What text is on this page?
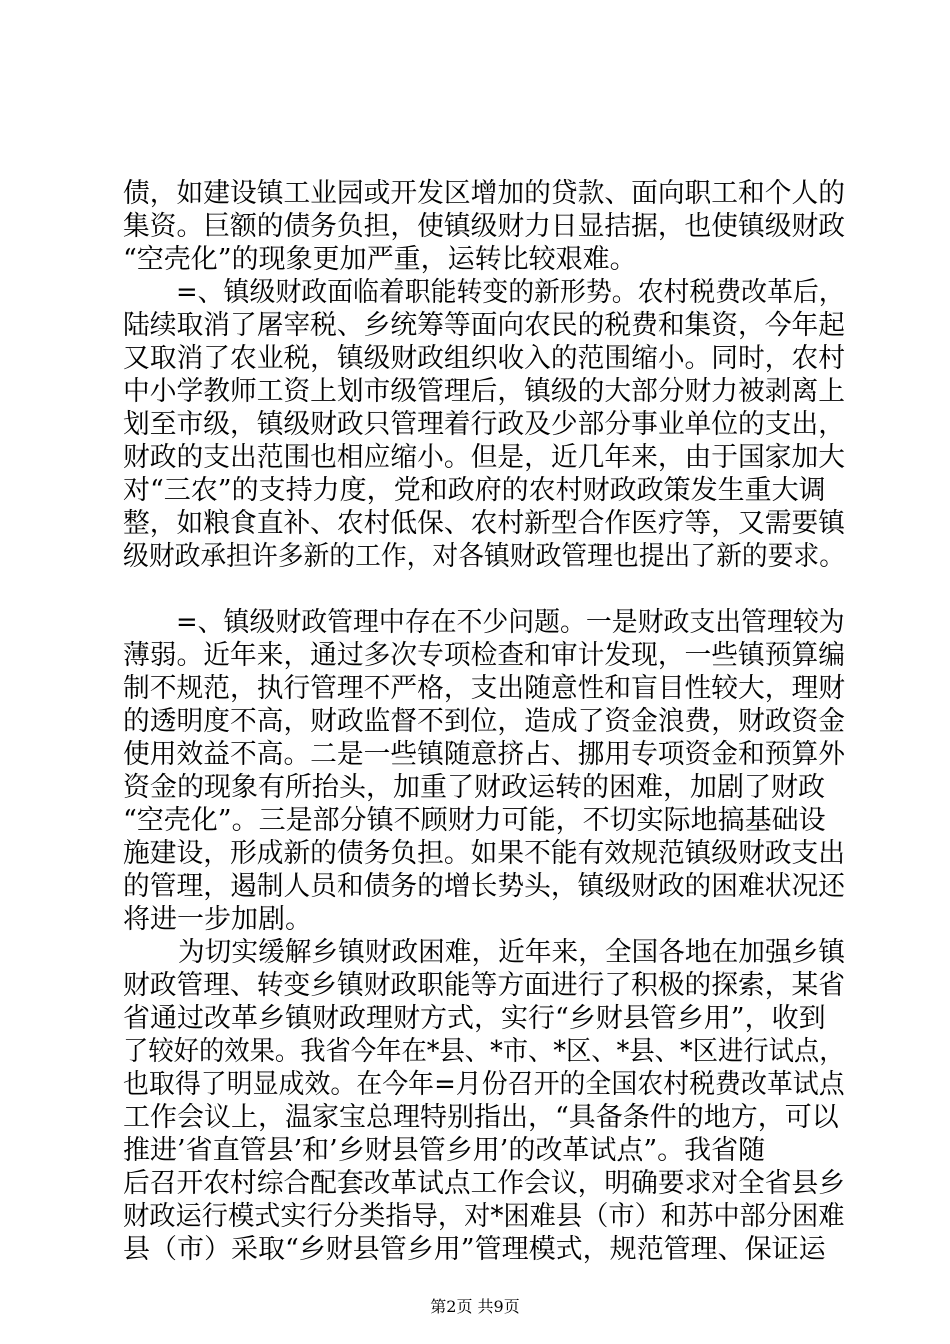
债，如建设镇工业园或开发区增加的贷款、面向职工和个人的
集资。巨额的债务负担，使镇级财力日显拮据，也使镇级财政
“空壳化”的现象更加严重，运转比较艰难。
=、镇级财政面临着职能转变的新形势。农村税费改革后，
陆续取消了屠宰税、乡统筹等面向农民的税费和集资，今年起
又取消了农业税，镇级财政组织收入的范围缩小。同时，农村
中小学教师工资上划市级管理后，镇级的大部分财力被剥离上
划至市级，镇级财政只管理着行政及少部分事业单位的支出，
财政的支出范围也相应缩小。但是，近几年来，由于国家加大
对“三农”的支持力度，党和政府的农村财政政策发生重大调
整，如粮食直补、农村低保、农村新型合作医疗等，又需要镇
级财政承担许多新的工作，对各镇财政管理也提出了新的要求。
=、镇级财政管理中存在不少问题。一是财政支出管理较为
薄弱。近年来，通过多次专项检查和审计发现，一些镇预算编
制不规范，执行管理不严格，支出随意性和盲目性较大，理财
的透明度不高，财政监督不到位，造成了资金浪费，财政资金
使用效益不高。二是一些镇随意挤占、挪用专项资金和预算外
资金的现象有所抬头，加重了财政运转的困难，加剧了财政
“空壳化”。三是部分镇不顾财力可能，不切实际地搞基础设
施建设，形成新的债务负担。如果不能有效规范镇级财政支出
的管理，遏制人员和债务的增长势头，镇级财政的困难状况还
将进一步加剧。
为切实缓解乡镇财政困难，近年来，全国各地在加强乡镇
财政管理、转变乡镇财政职能等方面进行了积极的探索，某省
省通过改革乡镇财政理财方式，实行“乡财县管乡用”，收到
了较好的效果。我省今年在*县、*市、*区、*县、*区进行试点，
也取得了明显成效。在今年=月份召开的全国农村税费改革试点
工作会议上，温家宝总理特别指出，“具备条件的地方，可以
推进’省直管县’和’乡财县管乡用’的改革试点”。我省随
后召开农村综合配套改革试点工作会议，明确要求对全省县乡
财政运行模式实行分类指导，对*困难县（市）和苏中部分困难
县（市）采取“乡财县管乡用”管理模式，规范管理、保证运
第2页 共9页
